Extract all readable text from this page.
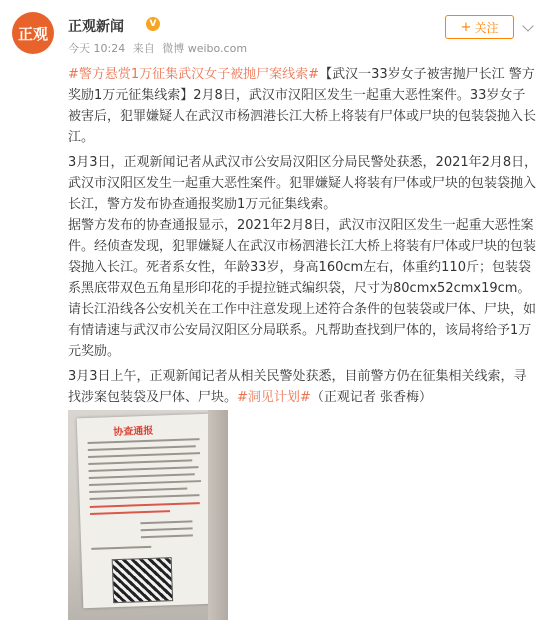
正观 正观新闻	V
今天 10:24 来自 微博 weibo.com
+ 关注

#警方悬赏1万征集武汉女子被抛尸案线索#【武汉一33岁女子被害抛尸长江 警方奖励1万元征集线索】2月8日，武汉市汉阳区发生一起重大恶性案件。33岁女子被害后，犯罪嫌疑人在武汉市杨泗港长江大桥上将装有尸体或尸块的包装袋抛入长江。

3月3日，正观新闻记者从武汉市公安局汉阳区分局民警处获悉，2021年2月8日，武汉市汉阳区发生一起重大恶性案件。犯罪嫌疑人将装有尸体或尸块的包装袋抛入长江，警方发布协查通报奖励1万元征集线索。

据警方发布的协查通报显示，2021年2月8日，武汉市汉阳区发生一起重大恶性案件。经侦查发现，犯罪嫌疑人在武汉市杨泗港长江大桥上将装有尸体或尸块的包装袋抛入长江。死者系女性，年龄33岁，身高160cm左右，体重约110斤；包装袋系黑底带双色五角星形印花的手提拉链式编织袋，尺寸为80cmx52cmx19cm。请长江沿线各公安机关在工作中注意发现上述符合条件的包装袋或尸体、尸块，如有情请速与武汉市公安局汉阳区分局联系。凡帮助查找到尸体的，该局将给予1万元奖励。

3月3日上午，正观新闻记者从相关民警处获悉，目前警方仍在征集相关线索，寻找涉案包装袋及尸体、尸块。#洞见计划#（正观记者 张香梅）

协查通报
